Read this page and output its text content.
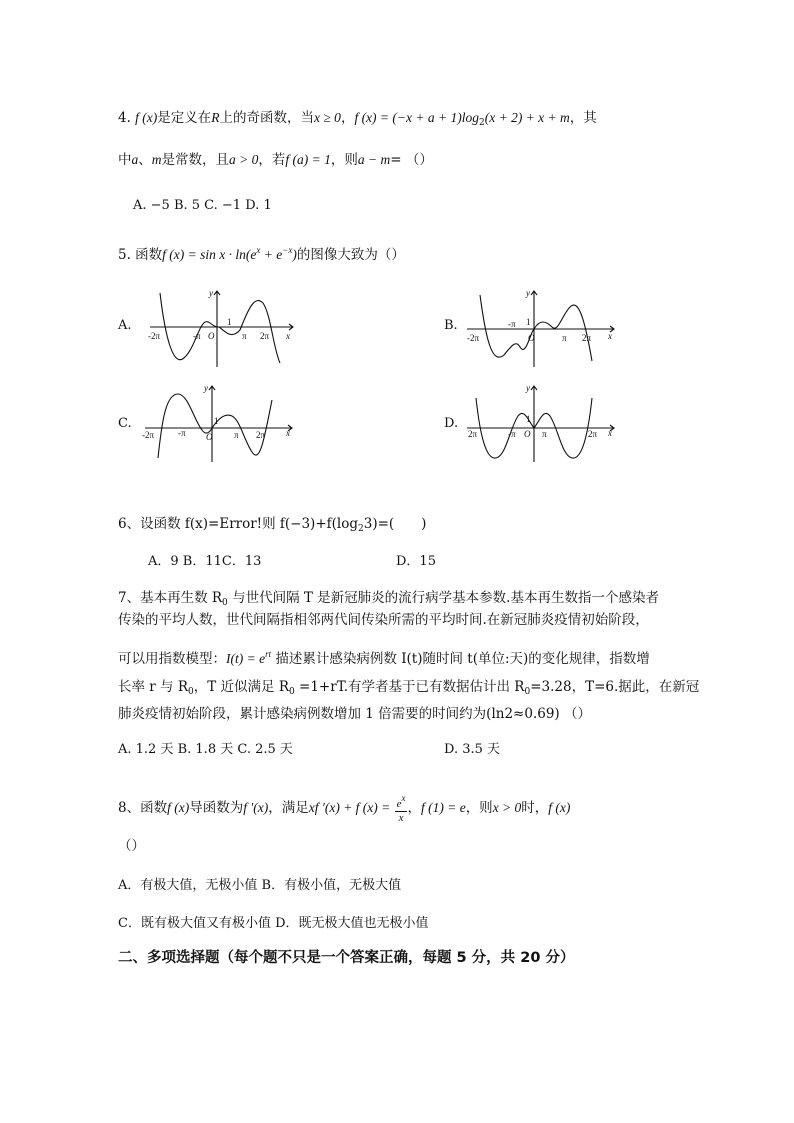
4. f (x)是定义在R上的奇函数，当x ≥ 0，f $(x) = (-x + a + 1)\log_2(x + 2) + x + m$，其
中a、m是常数，且a > 0，若f (a) = 1，则a − m= （）
A. −5 B. 5 C. −1 D. 1
5. 函数f $(x) = \sin x \cdot \ln(e^x + e^{-x})$的图像大致为（）
A.	B.
C.	D.
y
x
O
1
-2π	-π	π 2π
y
x
O
1
-2π
-π
π 2π
y
x
O
1
-2π	-π	π 2π
y
x
O
1
2π	-π	π	2π
6、设函数 f(x)=Error!则 $f(-3)+f(\log_23)=$(　　)
A．9 B．11C．13	D．15
7、基本再生数 $R_0$ 与世代间隔 T 是新冠肺炎的流行病学基本参数.基本再生数指一个感染者
传染的平均人数，世代间隔指相邻两代间传染所需的平均时间.在新冠肺炎疫情初始阶段，
可以用指数模型：$I(t) = e^{rt}$ 描述累计感染病例数 I(t)随时间 t(单位:天)的变化规律，指数增
长率 r 与 $R_0$，T 近似满足 $R_0 =1+rT$.有学者基于已有数据估计出 $R_0=3.28$，T=6.据此，在新冠
肺炎疫情初始阶段，累计感染病例数增加 1 倍需要的时间约为(ln2≈0.69) （）
A. 1.2 天 B. 1.8 天 C. 2.5 天	D. 3.5 天
8、函数f (x)导函数为f ′(x)，满足xf ′(x) + f $(x) = \frac{e^x}{x}$ ，f (1) = e，则x > 0时，f (x)
（）
A．有极大值，无极小值 B．有极小值，无极大值
C．既有极大值又有极小值 D．既无极大值也无极小值
二、多项选择题（每个题不只是一个答案正确，每题 5 分，共 20 分）
